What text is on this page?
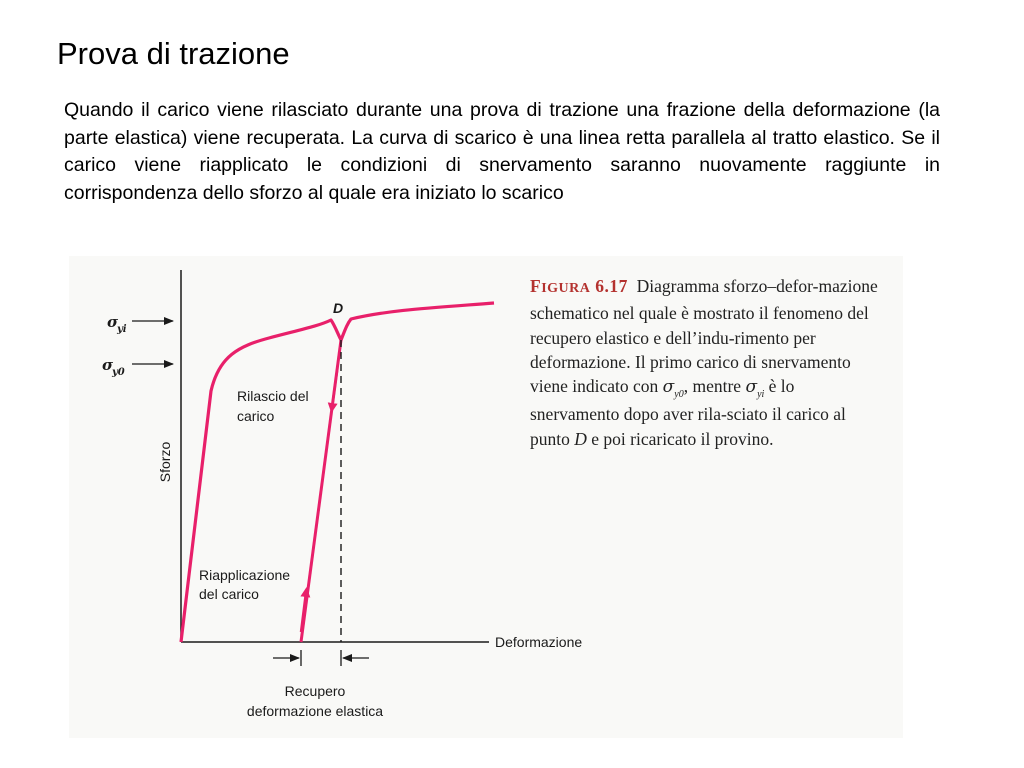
Prova di trazione
Quando il carico viene rilasciato durante una prova di trazione una frazione della deformazione (la parte elastica) viene recuperata. La curva di scarico è una linea retta parallela al tratto elastico. Se il carico viene riapplicato le condizioni di snervamento saranno nuovamente raggiunte in corrispondenza dello sforzo al quale era iniziato lo scarico
Sforzo
Deformazione
σ
yi
σ
y0
D
Rilascio del
carico
Riapplicazione
del carico
Recupero
deformazione elastica
FIGURA 6.17 Diagramma sforzo–defor-mazione schematico nel quale è mostrato il fenomeno del recupero elastico e dell’indu-rimento per deformazione. Il primo carico di snervamento viene indicato con $\sigma_{y0}$, mentre $\sigma_{yi}$ è lo snervamento dopo aver rila-sciato il carico al punto D e poi ricaricato il provino.
